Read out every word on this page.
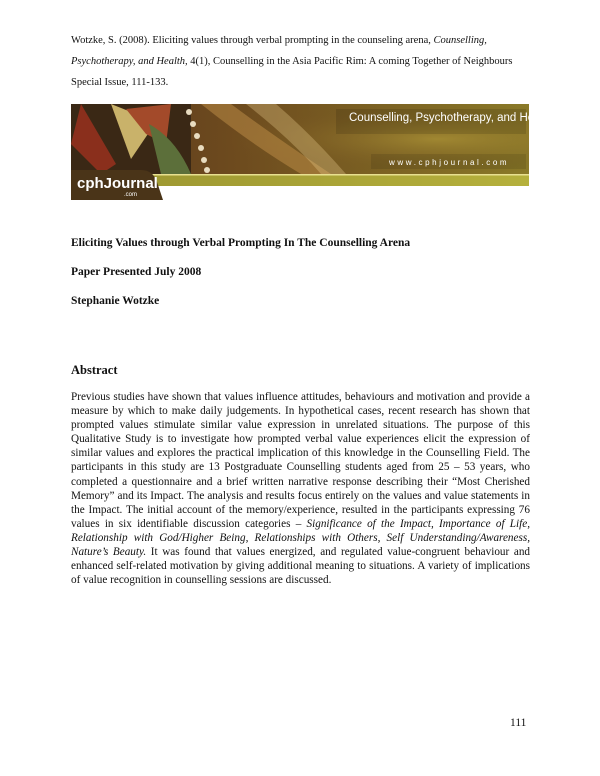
Wotzke, S. (2008). Eliciting values through verbal prompting in the counseling arena, Counselling, Psychotherapy, and Health, 4(1), Counselling in the Asia Pacific Rim: A coming Together of Neighbours Special Issue, 111-133.
Counselling, Psychotherapy, and Health
www.cphjournal.com
cphJournal
.com
Eliciting Values through Verbal Prompting In The Counselling Arena
Paper Presented July 2008
Stephanie Wotzke
Abstract
Previous studies have shown that values influence attitudes, behaviours and motivation and provide a measure by which to make daily judgements. In hypothetical cases, recent research has shown that prompted values stimulate similar value expression in unrelated situations. The purpose of this Qualitative Study is to investigate how prompted verbal value experiences elicit the expression of similar values and explores the practical implication of this knowledge in the Counselling Field. The participants in this study are 13 Postgraduate Counselling students aged from 25 – 53 years, who completed a questionnaire and a brief written narrative response describing their “Most Cherished Memory” and its Impact. The analysis and results focus entirely on the values and value statements in the Impact. The initial account of the memory/experience, resulted in the participants expressing 76 values in six identifiable discussion categories – Significance of the Impact, Importance of Life, Relationship with God/Higher Being, Relationships with Others, Self Understanding/Awareness, Nature’s Beauty. It was found that values energized, and regulated value-congruent behaviour and enhanced self-related motivation by giving additional meaning to situations. A variety of implications of value recognition in counselling sessions are discussed.
111
